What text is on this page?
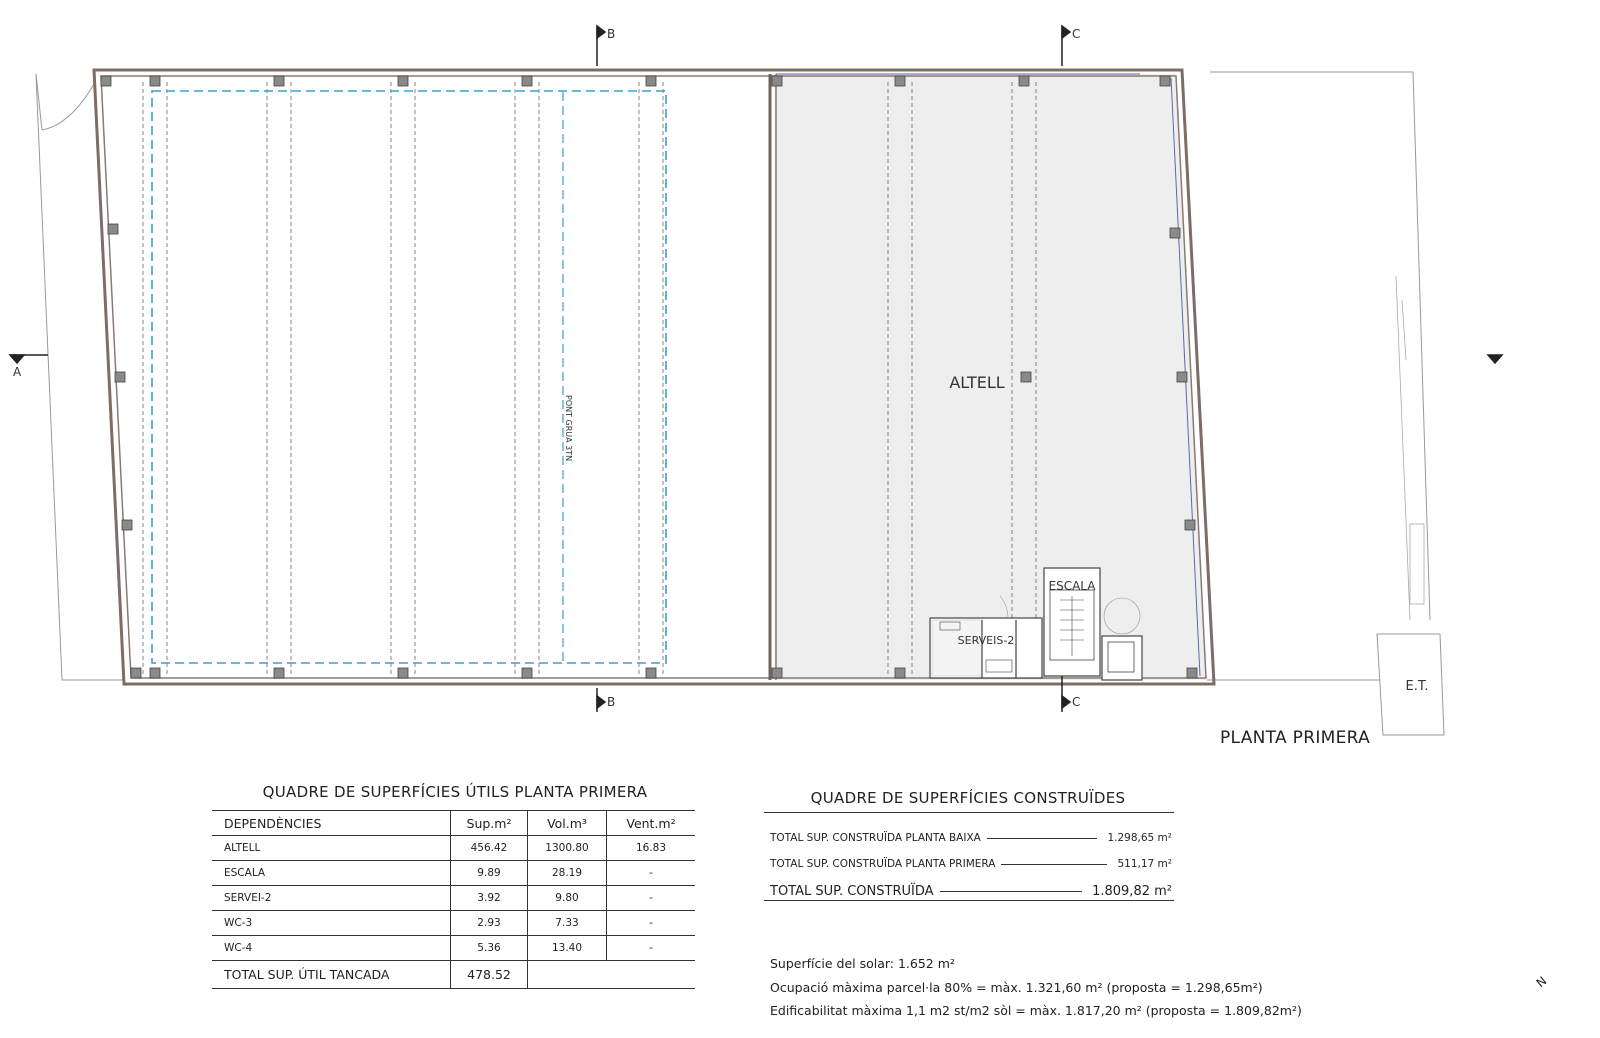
PONT GRUA 3TN
E.T.
B
B
C
C
A
ALTELL
ESCALA
SERVEIS-2
N
PLANTA PRIMERA
QUADRE DE SUPERFÍCIES ÚTILS PLANTA PRIMERA
DEPENDÈNCIES	Sup.m²	Vol.m³	Vent.m²
ALTELL	456.42	1300.80	16.83
ESCALA	9.89	28.19	-
SERVEI-2	3.92	9.80	-
WC-3	2.93	7.33	-
WC-4	5.36	13.40	-
TOTAL SUP. ÚTIL TANCADA	478.52		
QUADRE DE SUPERFÍCIES CONSTRUÏDES
TOTAL SUP. CONSTRUÏDA PLANTA BAIXA	1.298,65 m²
TOTAL SUP. CONSTRUÏDA PLANTA PRIMERA	511,17 m²
TOTAL SUP. CONSTRUÏDA	1.809,82 m²
Superfície del solar: 1.652 m²
Ocupació màxima parcel·la 80% = màx. 1.321,60 m² (proposta = 1.298,65m²)
Edificabilitat màxima 1,1 m2 st/m2 sòl = màx. 1.817,20 m² (proposta = 1.809,82m²)
